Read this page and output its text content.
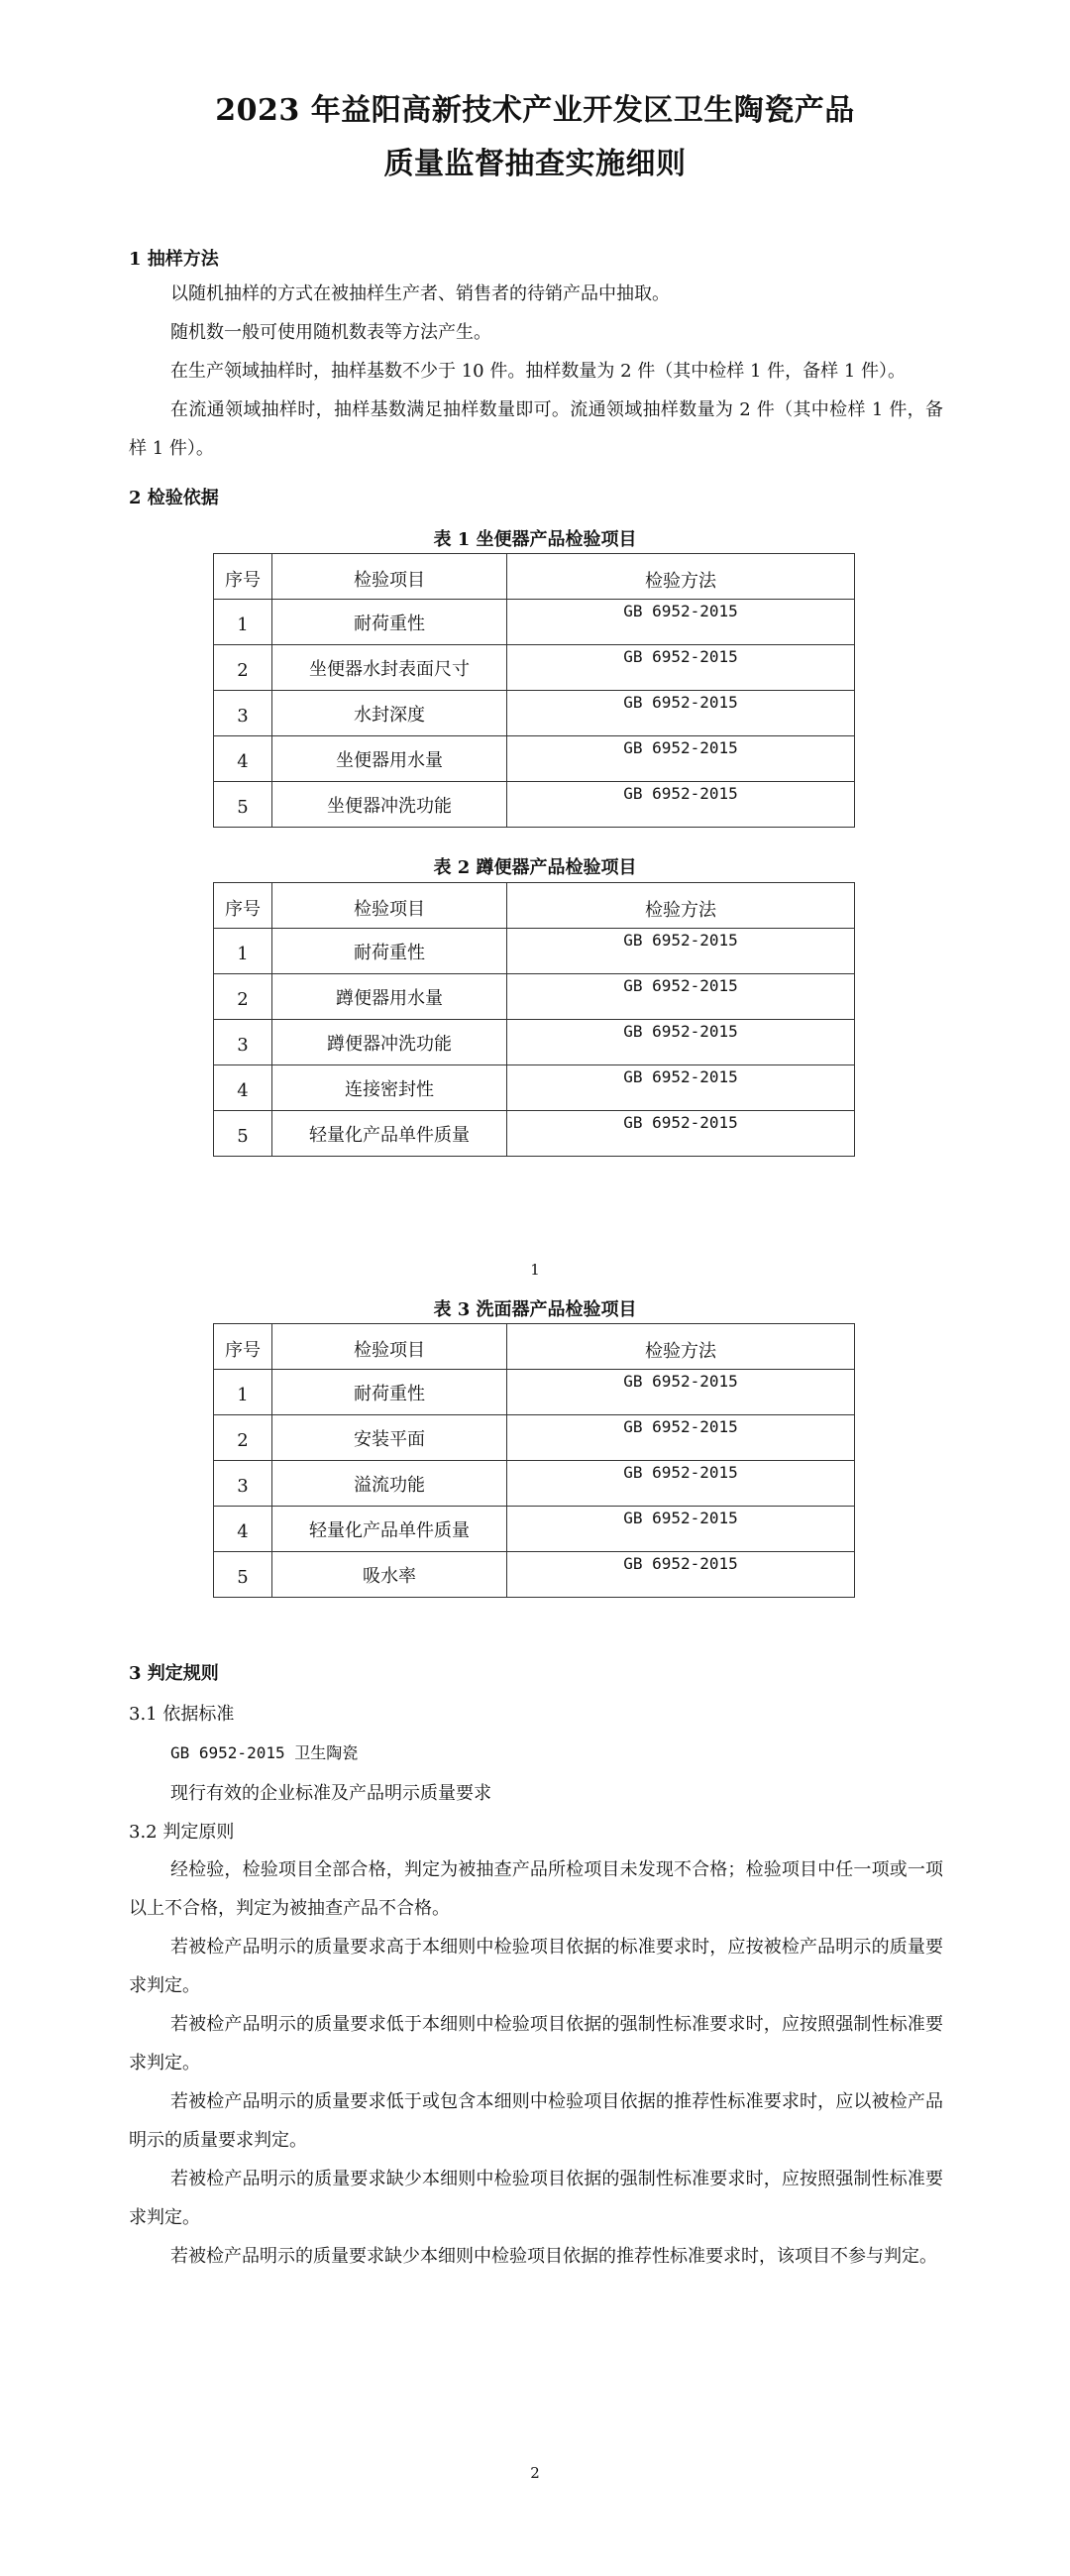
2023 年益阳高新技术产业开发区卫生陶瓷产品
质量监督抽查实施细则
1 抽样方法
以随机抽样的方式在被抽样生产者、销售者的待销产品中抽取。
随机数一般可使用随机数表等方法产生。
在生产领域抽样时，抽样基数不少于 10 件。抽样数量为 2 件（其中检样 1 件，备样 1 件）。
在流通领域抽样时，抽样基数满足抽样数量即可。流通领域抽样数量为 2 件（其中检样 1 件，备样 1 件）。
2 检验依据
表 1 坐便器产品检验项目
序号	检验项目	检验方法
1	耐荷重性	GB 6952-2015
2	坐便器水封表面尺寸	GB 6952-2015
3	水封深度	GB 6952-2015
4	坐便器用水量	GB 6952-2015
5	坐便器冲洗功能	GB 6952-2015
表 2 蹲便器产品检验项目
序号	检验项目	检验方法
1	耐荷重性	GB 6952-2015
2	蹲便器用水量	GB 6952-2015
3	蹲便器冲洗功能	GB 6952-2015
4	连接密封性	GB 6952-2015
5	轻量化产品单件质量	GB 6952-2015
1
表 3 洗面器产品检验项目
序号	检验项目	检验方法
1	耐荷重性	GB 6952-2015
2	安装平面	GB 6952-2015
3	溢流功能	GB 6952-2015
4	轻量化产品单件质量	GB 6952-2015
5	吸水率	GB 6952-2015
3 判定规则
3.1 依据标准
GB 6952-2015 卫生陶瓷
现行有效的企业标准及产品明示质量要求
3.2 判定原则
经检验，检验项目全部合格，判定为被抽查产品所检项目未发现不合格；检验项目中任一项或一项以上不合格，判定为被抽查产品不合格。
若被检产品明示的质量要求高于本细则中检验项目依据的标准要求时，应按被检产品明示的质量要求判定。
若被检产品明示的质量要求低于本细则中检验项目依据的强制性标准要求时，应按照强制性标准要求判定。
若被检产品明示的质量要求低于或包含本细则中检验项目依据的推荐性标准要求时，应以被检产品明示的质量要求判定。
若被检产品明示的质量要求缺少本细则中检验项目依据的强制性标准要求时，应按照强制性标准要求判定。
若被检产品明示的质量要求缺少本细则中检验项目依据的推荐性标准要求时，该项目不参与判定。
2
